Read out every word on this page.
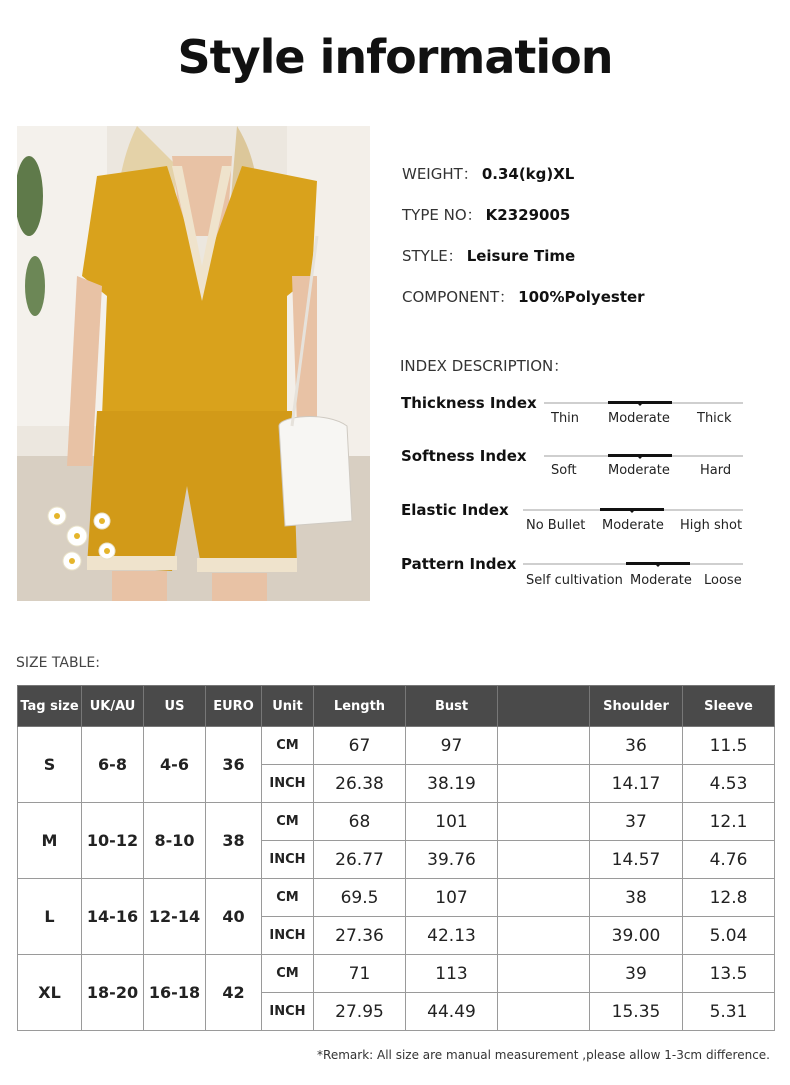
Style information
WEIGHT： 0.34(kg)XL
TYPE NO： K2329005
STYLE： Leisure Time
COMPONENT： 100%Polyester
INDEX DESCRIPTION：
Thickness Index
Thin Moderate Thick
Softness Index
Soft Moderate Hard
Elastic Index
No Bullet Moderate High shot
Pattern Index
Self cultivation Moderate Loose
SIZE TABLE:
Tag size	UK/AU	US	EURO	Unit	Length	Bust		Shoulder	Sleeve
S	6-8	4-6	36	CM	67	97		36	11.5
				INCH	26.38	38.19		14.17	4.53
M	10-12	8-10	38	CM	68	101		37	12.1
				INCH	26.77	39.76		14.57	4.76
L	14-16	12-14	40	CM	69.5	107		38	12.8
				INCH	27.36	42.13		39.00	5.04
XL	18-20	16-18	42	CM	71	113		39	13.5
				INCH	27.95	44.49		15.35	5.31
*Remark: All size are manual measurement ,please allow 1-3cm difference.
